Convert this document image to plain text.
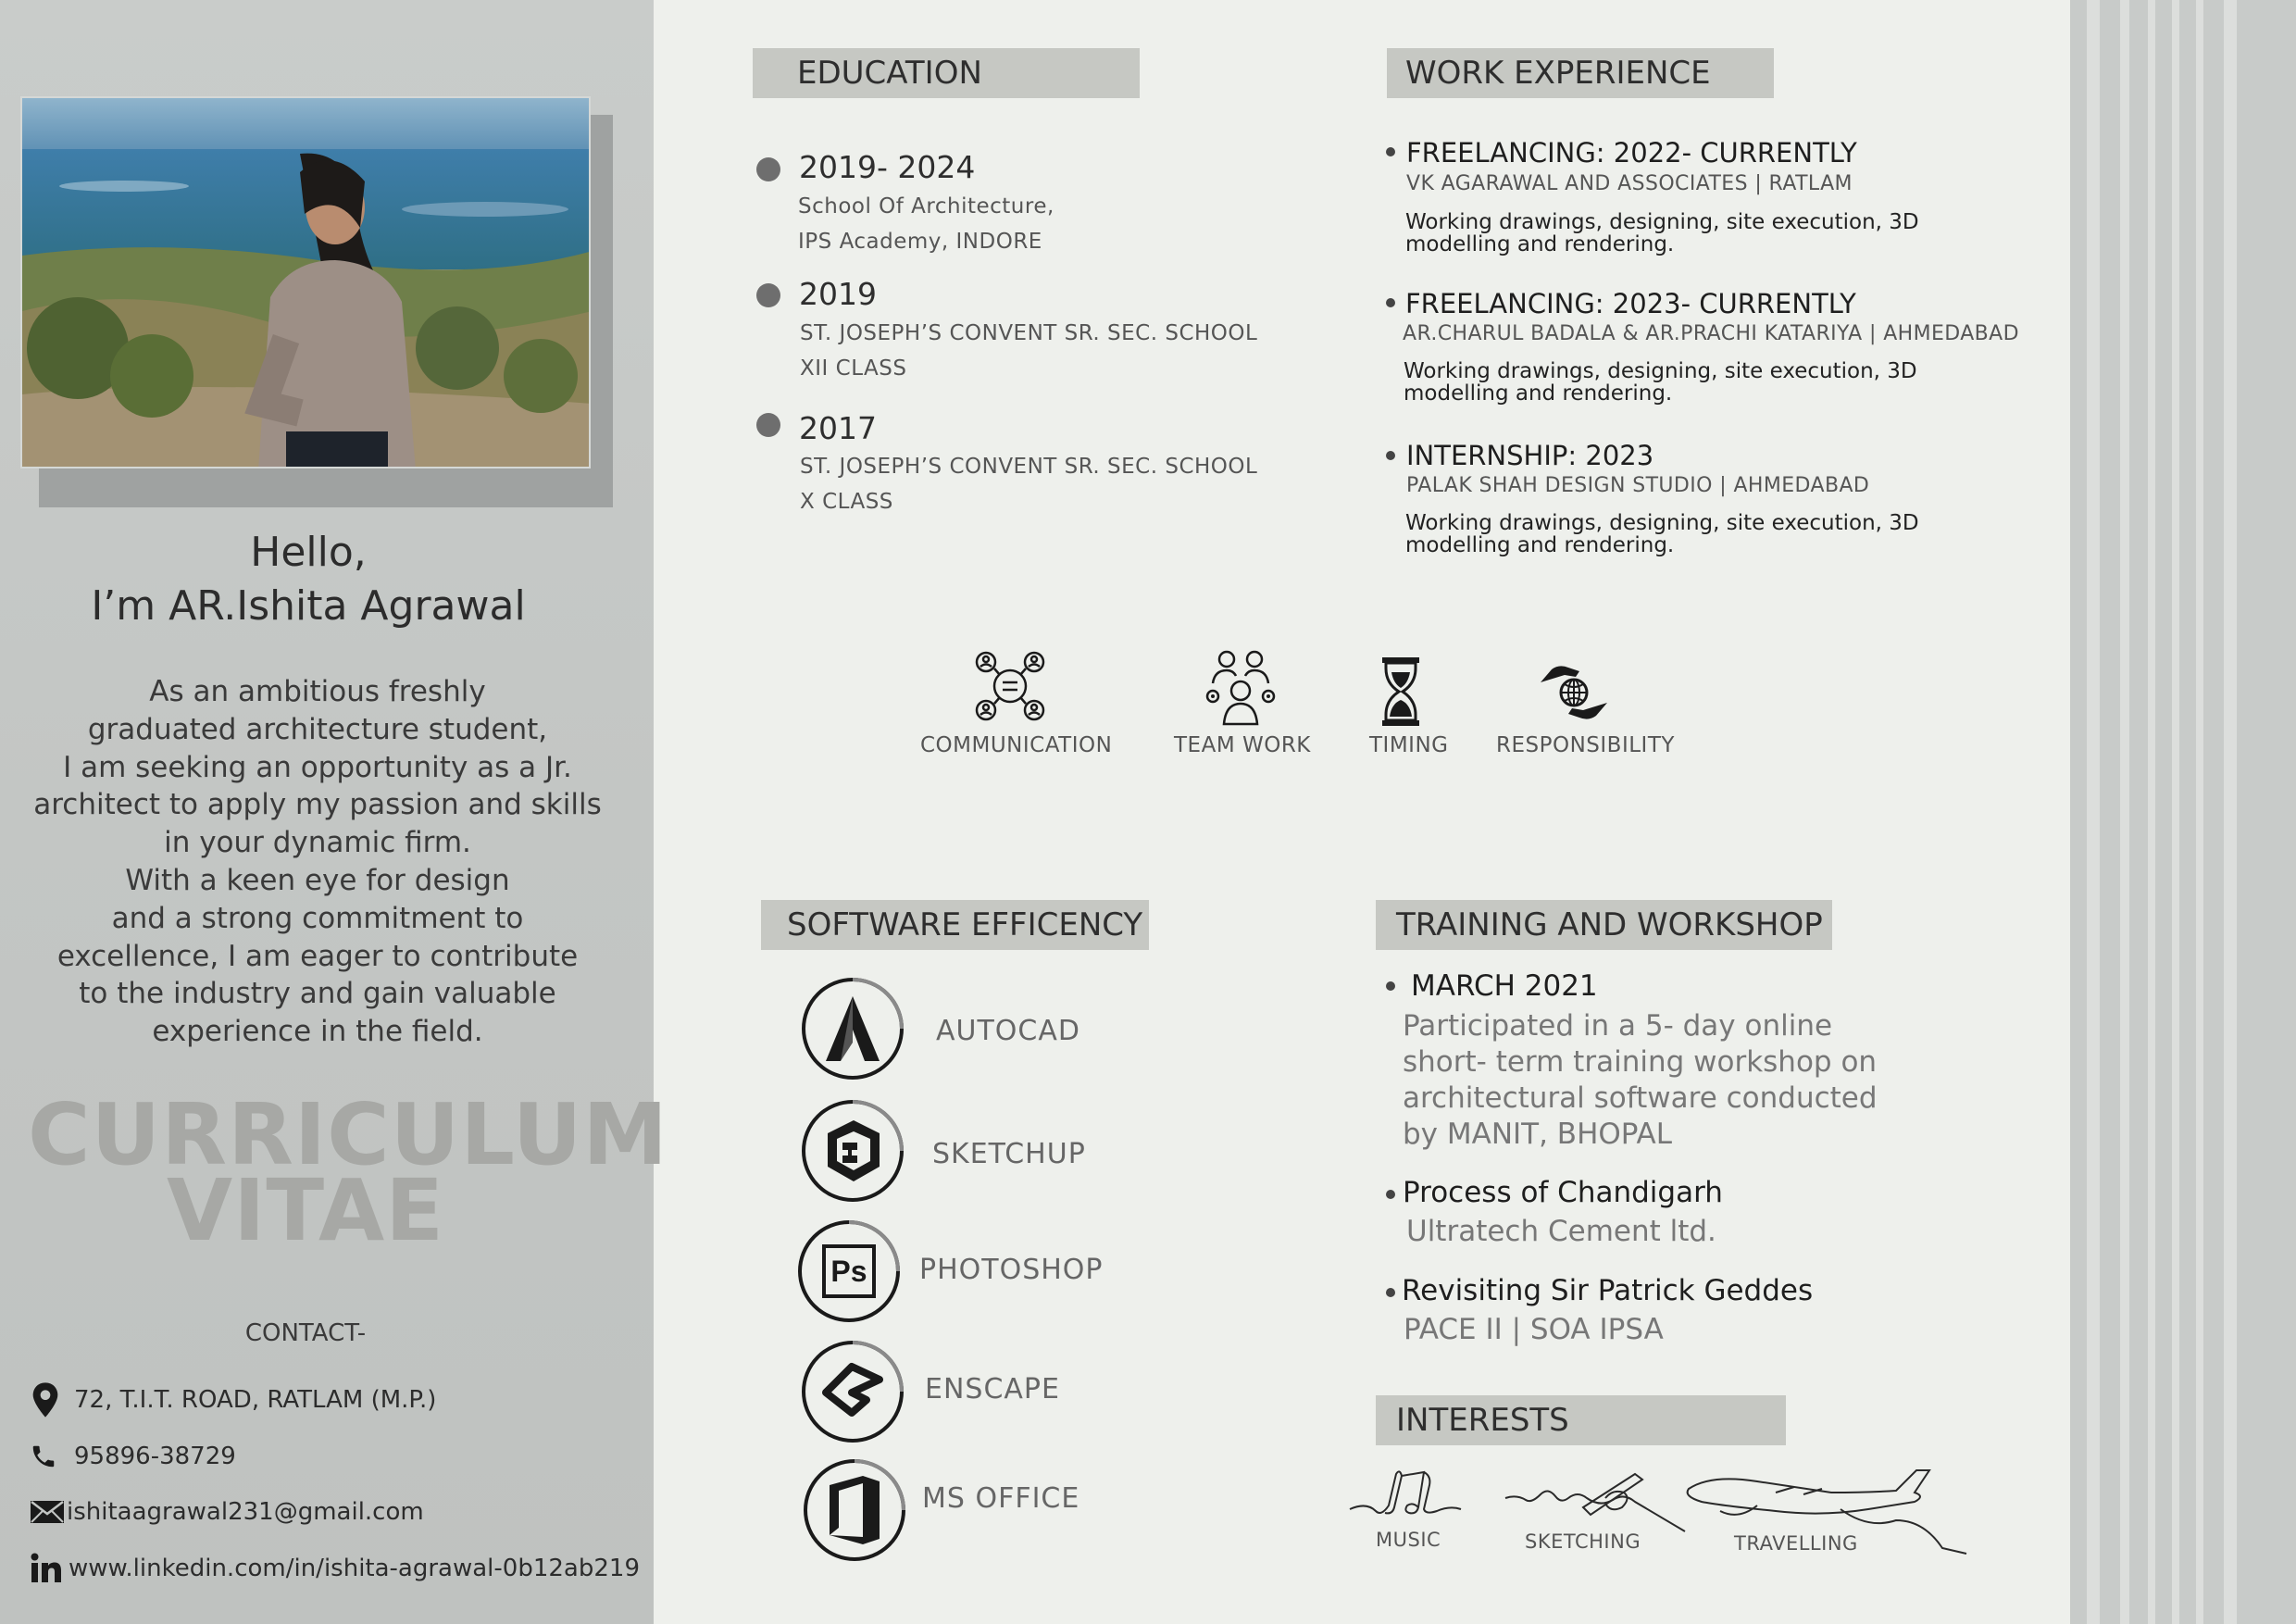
Hello,
I’m AR.Ishita Agrawal
As an ambitious freshly
graduated architecture student,
I am seeking an opportunity as a Jr.
architect to apply my passion and skills
in your dynamic firm.
With a keen eye for design
and a strong commitment to
excellence, I am eager to contribute
to the industry and gain valuable
experience in the field.
CURRICULUM
VITAE
CONTACT-
72, T.I.T. ROAD, RATLAM (M.P.)
95896-38729
ishitaagrawal231@gmail.com
www.linkedin.com/in/ishita-agrawal-0b12ab219
EDUCATION
2019- 2024
School Of Architecture,
IPS Academy, INDORE
2019
ST. JOSEPH’S CONVENT SR. SEC. SCHOOL
XII CLASS
2017
ST. JOSEPH’S CONVENT SR. SEC. SCHOOL
X CLASS
WORK EXPERIENCE
FREELANCING: 2022- CURRENTLY
VK AGARAWAL AND ASSOCIATES | RATLAM
Working drawings, designing, site execution, 3D
modelling and rendering.
FREELANCING: 2023- CURRENTLY
AR.CHARUL BADALA & AR.PRACHI KATARIYA | AHMEDABAD
Working drawings, designing, site execution, 3D
modelling and rendering.
INTERNSHIP: 2023
PALAK SHAH DESIGN STUDIO | AHMEDABAD
Working drawings, designing, site execution, 3D
modelling and rendering.
COMMUNICATION	TEAM WORK	TIMING RESPONSIBILITY
SOFTWARE EFFICENCY
AUTOCAD
SKETCHUP
Ps PHOTOSHOP
ENSCAPE
MS OFFICE
TRAINING AND WORKSHOP
MARCH 2021
Participated in a 5- day online
short- term training workshop on
architectural software conducted
by MANIT, BHOPAL
Process of Chandigarh
Ultratech Cement ltd.
Revisiting Sir Patrick Geddes
PACE II | SOA IPSA
INTERESTS
MUSIC	SKETCHING	TRAVELLING
